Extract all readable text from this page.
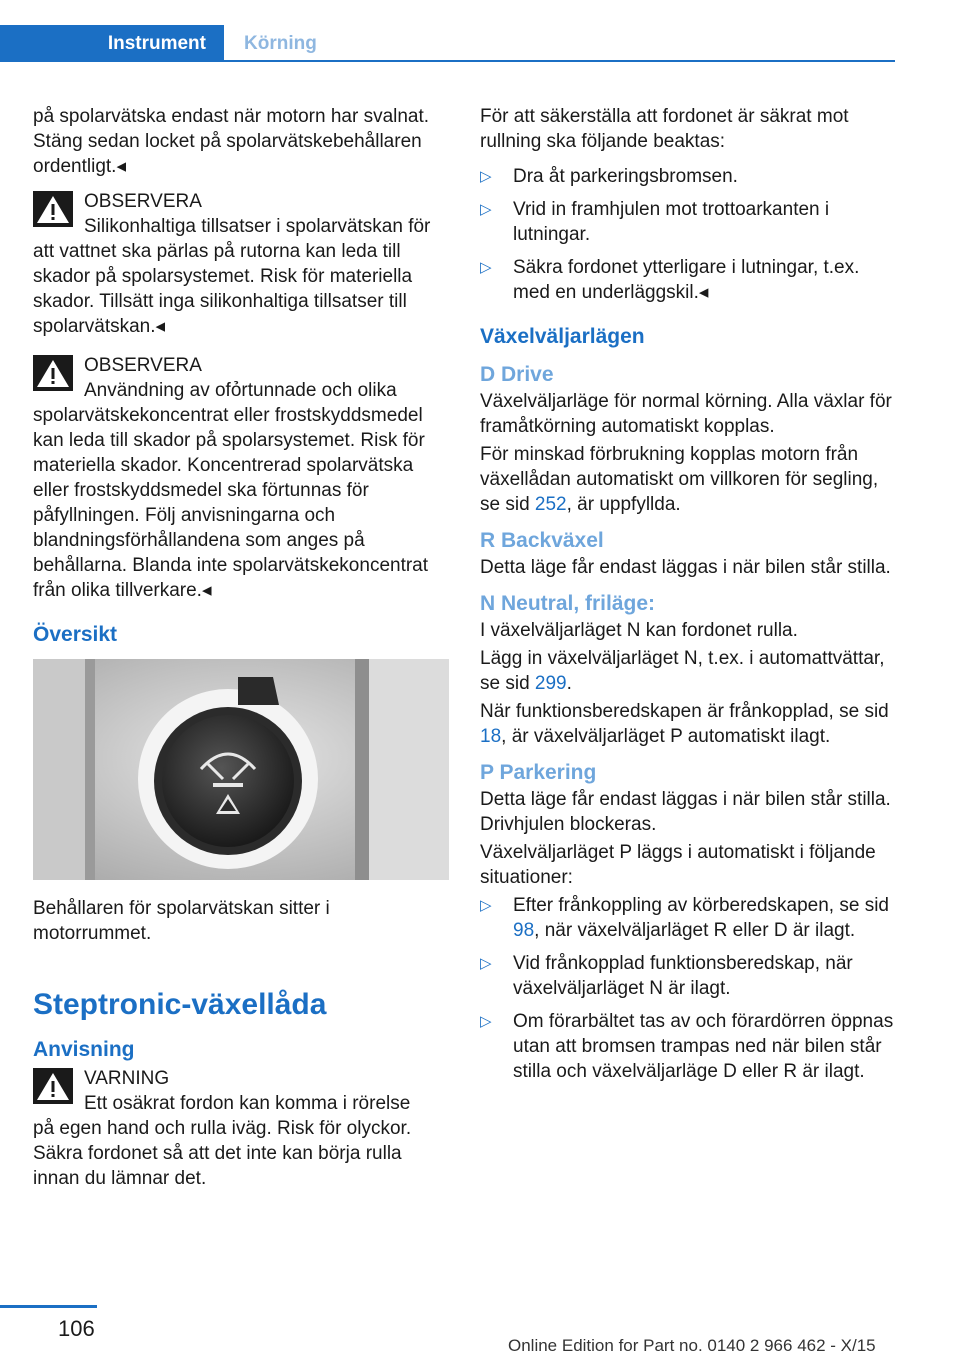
Instrument	Körning

på spolarvätska endast när motorn har svalnat. Stäng sedan locket på spolarvätskebehållaren ordentligt.◂

OBSERVERA
Silikonhaltiga tillsatser i spolarvätskan för
att vattnet ska pärlas på rutorna kan leda till skador på spolarsystemet. Risk för materiella skador. Tillsätt inga silikonhaltiga tillsatser till spolarvätskan.◂
OBSERVERA
Användning av ofỏrtunnade och olika
spolarvätskekoncentrat eller frostskyddsmedel kan leda till skador på spolarsystemet. Risk för materiella skador. Koncentrerad spolarvätska eller frostskyddsmedel ska förtunnas för påfyllningen. Följ anvisningarna och blandningsförhållandena som anges på behållarna. Blanda inte spolarvätskekoncentrat från olika tillverkare.◂
Översikt

Behållaren för spolarvätskan sitter i motorrummet.

Steptronic-växellåda
Anvisning
VARNING
Ett osäkrat fordon kan komma i rörelse
på egen hand och rulla iväg. Risk för olyckor. Säkra fordonet så att det inte kan börja rulla innan du lämnar det.

För att säkerställa att fordonet är säkrat mot rullning ska följande beaktas:

▷ Dra åt parkeringsbromsen.
▷ Vrid in framhjulen mot trottoarkanten i lutningar.
▷ Säkra fordonet ytterligare i lutningar, t.ex. med en underläggskil.◂
Växelväljarlägen
D Drive

Växelväljarläge för normal körning. Alla växlar för framåtkörning automatiskt kopplas.

För minskad förbrukning kopplas motorn från växellådan automatiskt om villkoren för segling, se sid 252, är uppfyllda.

R Backväxel

Detta läge får endast läggas i när bilen står stilla.

N Neutral, friläge:

I växelväljarläget N kan fordonet rulla.

Lägg in växelväljarläget N, t.ex. i automattvättar, se sid 299.

När funktionsberedskapen är frånkopplad, se sid 18, är växelväljarläget P automatiskt ilagt.

P Parkering

Detta läge får endast läggas i när bilen står stilla. Drivhjulen blockeras.

Växelväljarläget P läggs i automatiskt i följande situationer:

▷ Efter frånkoppling av körberedskapen, se sid 98, när växelväljarläget R eller D är ilagt.
▷ Vid frånkopplad funktionsberedskap, när växelväljarläget N är ilagt.
▷ Om förarbältet tas av och förardörren öppnas utan att bromsen trampas ned när bilen står stilla och växelväljarläge D eller R är ilagt.
106
Online Edition for Part no. 0140 2 966 462 - X/15
